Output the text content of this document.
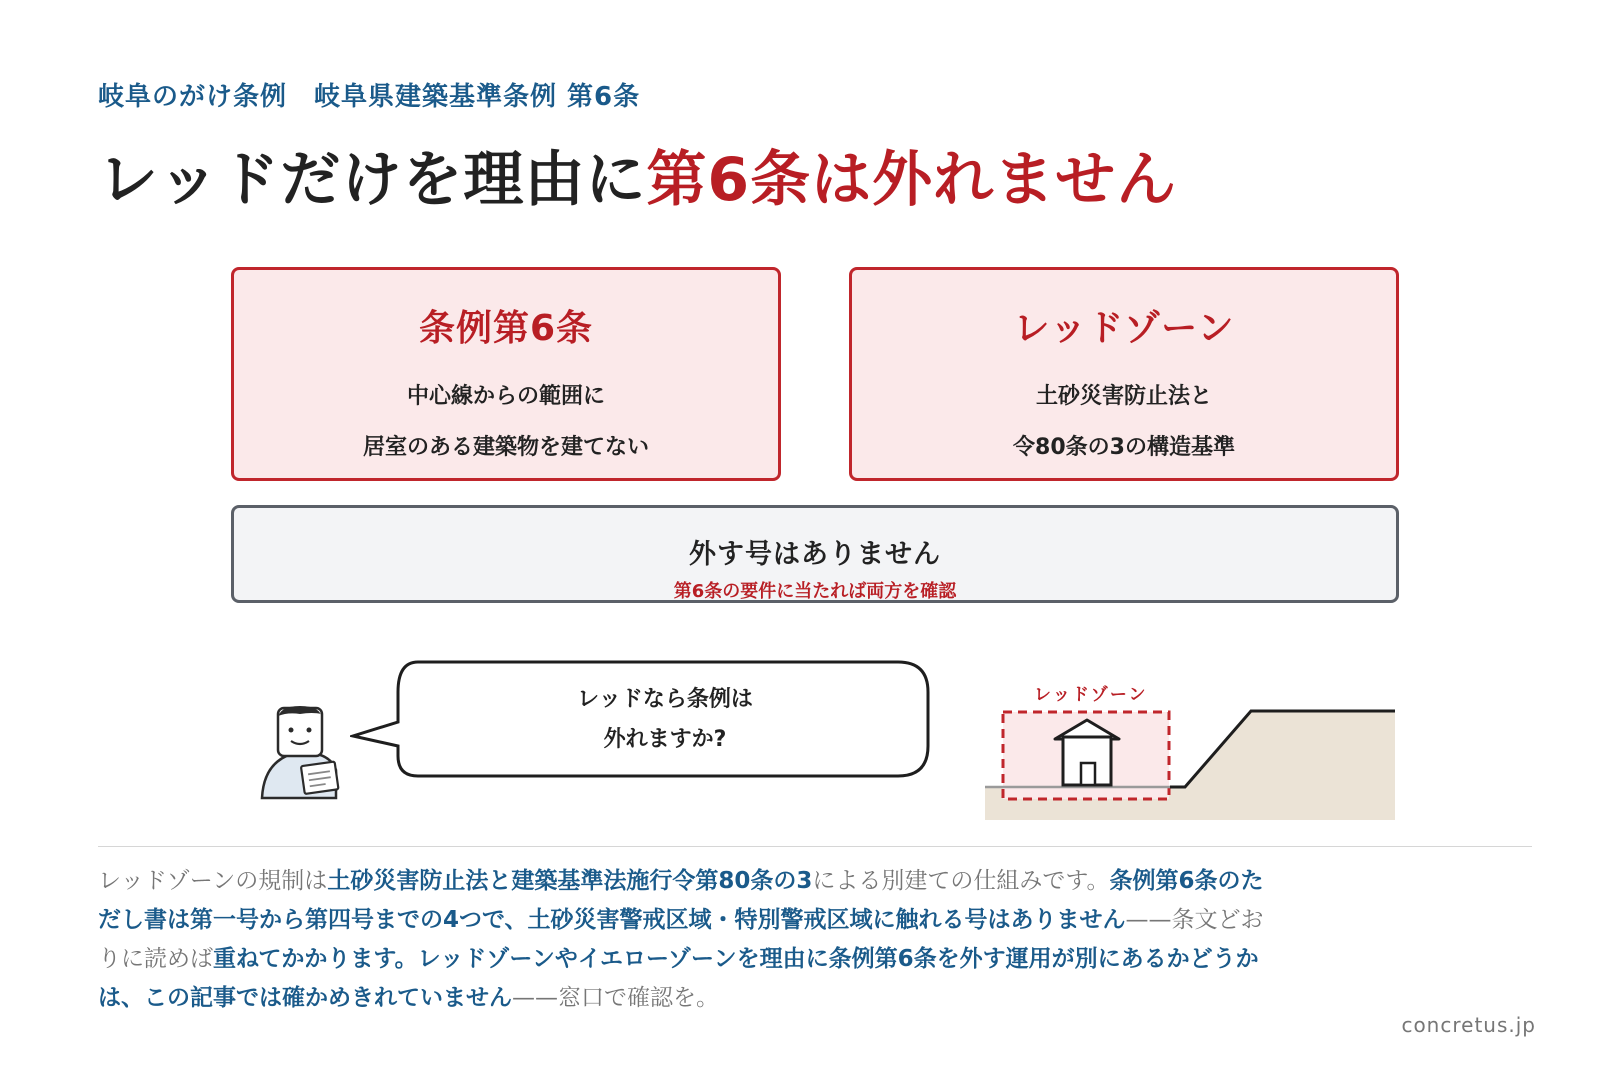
岐阜のがけ条例　岐阜県建築基準条例 第6条
レッドだけを理由に第6条は外れません
条例第6条
中心線からの範囲に
居室のある建築物を建てない
レッドゾーン
土砂災害防止法と
令80条の3の構造基準
外す号はありません
第6条の要件に当たれば両方を確認
レッドなら条例は
外れますか?
レッドゾーン
レッドゾーンの規制は土砂災害防止法と建築基準法施行令第80条の3による別建ての仕組みです。条例第6条のただし書は第一号から第四号までの4つで、土砂災害警戒区域・特別警戒区域に触れる号はありません——条文どおりに読めば重ねてかかります。レッドゾーンやイエローゾーンを理由に条例第6条を外す運用が別にあるかどうかは、この記事では確かめきれていません——窓口で確認を。
concretus.jp
